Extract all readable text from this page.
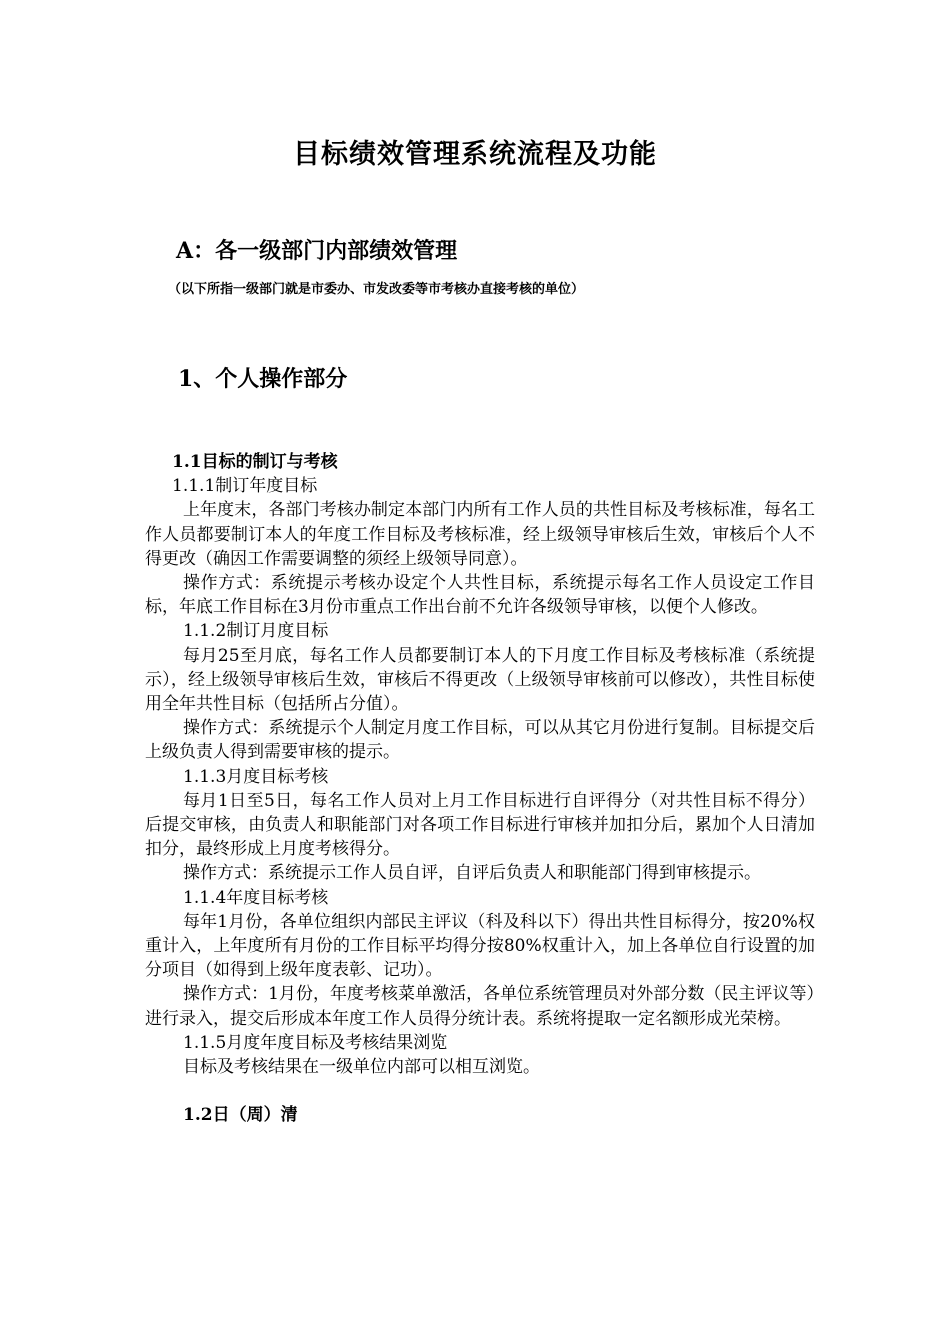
目标绩效管理系统流程及功能
A：各一级部门内部绩效管理

（以下所指一级部门就是市委办、市发改委等市考核办直接考核的单位）

1、个人操作部分

1.1目标的制订与考核

1.1.1制订年度目标

上年度末，各部门考核办制定本部门内所有工作人员的共性目标及考核标准，每名工作人员都要制订本人的年度工作目标及考核标准，经上级领导审核后生效，审核后个人不得更改（确因工作需要调整的须经上级领导同意）。

操作方式：系统提示考核办设定个人共性目标，系统提示每名工作人员设定工作目标，年底工作目标在3月份市重点工作出台前不允许各级领导审核，以便个人修改。

1.1.2制订月度目标

每月25至月底，每名工作人员都要制订本人的下月度工作目标及考核标准（系统提示），经上级领导审核后生效，审核后不得更改（上级领导审核前可以修改），共性目标使用全年共性目标（包括所占分值）。

操作方式：系统提示个人制定月度工作目标，可以从其它月份进行复制。目标提交后上级负责人得到需要审核的提示。

1.1.3月度目标考核

每月1日至5日，每名工作人员对上月工作目标进行自评得分（对共性目标不得分）后提交审核，由负责人和职能部门对各项工作目标进行审核并加扣分后，累加个人日清加扣分，最终形成上月度考核得分。

操作方式：系统提示工作人员自评，自评后负责人和职能部门得到审核提示。

1.1.4年度目标考核

每年1月份，各单位组织内部民主评议（科及科以下）得出共性目标得分，按20%权重计入，上年度所有月份的工作目标平均得分按80%权重计入，加上各单位自行设置的加分项目（如得到上级年度表彰、记功）。

操作方式：1月份，年度考核菜单激活，各单位系统管理员对外部分数（民主评议等）进行录入，提交后形成本年度工作人员得分统计表。系统将提取一定名额形成光荣榜。

1.1.5月度年度目标及考核结果浏览

目标及考核结果在一级单位内部可以相互浏览。

1.2日（周）清
